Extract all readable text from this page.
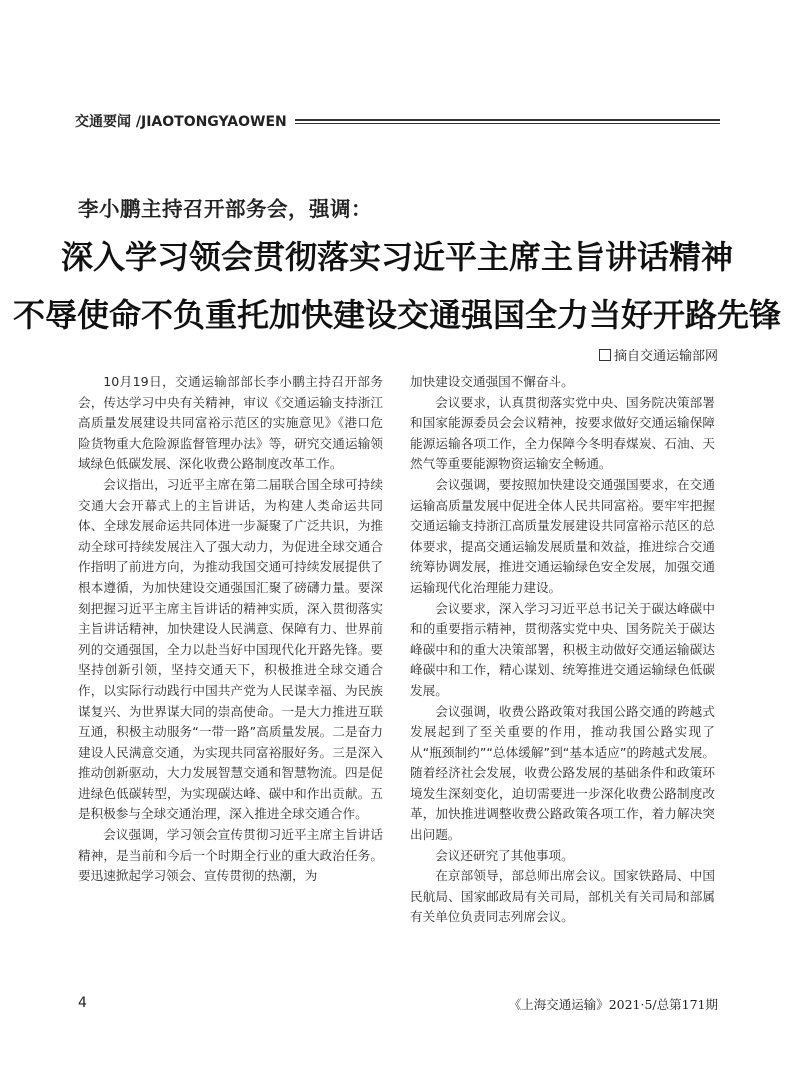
交通要闻 /JIAOTONGYAOWEN
李小鹏主持召开部务会，强调：
深入学习领会贯彻落实习近平主席主旨讲话精神
不辱使命不负重托加快建设交通强国全力当好开路先锋
摘自交通运输部网

10月19日，交通运输部部长李小鹏主持召开部务会，传达学习中央有关精神，审议《交通运输支持浙江高质量发展建设共同富裕示范区的实施意见》《港口危险货物重大危险源监督管理办法》等，研究交通运输领域绿色低碳发展、深化收费公路制度改革工作。

会议指出，习近平主席在第二届联合国全球可持续交通大会开幕式上的主旨讲话，为构建人类命运共同体、全球发展命运共同体进一步凝聚了广泛共识，为推动全球可持续发展注入了强大动力，为促进全球交通合作指明了前进方向，为推动我国交通可持续发展提供了根本遵循，为加快建设交通强国汇聚了磅礴力量。要深刻把握习近平主席主旨讲话的精神实质，深入贯彻落实主旨讲话精神，加快建设人民满意、保障有力、世界前列的交通强国，全力以赴当好中国现代化开路先锋。要坚持创新引领，坚持交通天下，积极推进全球交通合作，以实际行动践行中国共产党为人民谋幸福、为民族谋复兴、为世界谋大同的崇高使命。一是大力推进互联互通，积极主动服务“一带一路”高质量发展。二是奋力建设人民满意交通，为实现共同富裕服好务。三是深入推动创新驱动，大力发展智慧交通和智慧物流。四是促进绿色低碳转型，为实现碳达峰、碳中和作出贡献。五是积极参与全球交通治理，深入推进全球交通合作。

会议强调，学习领会宣传贯彻习近平主席主旨讲话精神，是当前和今后一个时期全行业的重大政治任务。要迅速掀起学习领会、宣传贯彻的热潮，为

加快建设交通强国不懈奋斗。

会议要求，认真贯彻落实党中央、国务院决策部署和国家能源委员会会议精神，按要求做好交通运输保障能源运输各项工作，全力保障今冬明春煤炭、石油、天然气等重要能源物资运输安全畅通。

会议强调，要按照加快建设交通强国要求，在交通运输高质量发展中促进全体人民共同富裕。要牢牢把握交通运输支持浙江高质量发展建设共同富裕示范区的总体要求，提高交通运输发展质量和效益，推进综合交通统筹协调发展，推进交通运输绿色安全发展，加强交通运输现代化治理能力建设。

会议要求，深入学习习近平总书记关于碳达峰碳中和的重要指示精神，贯彻落实党中央、国务院关于碳达峰碳中和的重大决策部署，积极主动做好交通运输碳达峰碳中和工作，精心谋划、统筹推进交通运输绿色低碳发展。

会议强调，收费公路政策对我国公路交通的跨越式发展起到了至关重要的作用，推动我国公路实现了从“瓶颈制约”“总体缓解”到“基本适应”的跨越式发展。随着经济社会发展，收费公路发展的基础条件和政策环境发生深刻变化，迫切需要进一步深化收费公路制度改革，加快推进调整收费公路政策各项工作，着力解决突出问题。

会议还研究了其他事项。

在京部领导，部总师出席会议。国家铁路局、中国民航局、国家邮政局有关司局，部机关有关司局和部属有关单位负责同志列席会议。

4	《上海交通运输》2021·5/总第171期
